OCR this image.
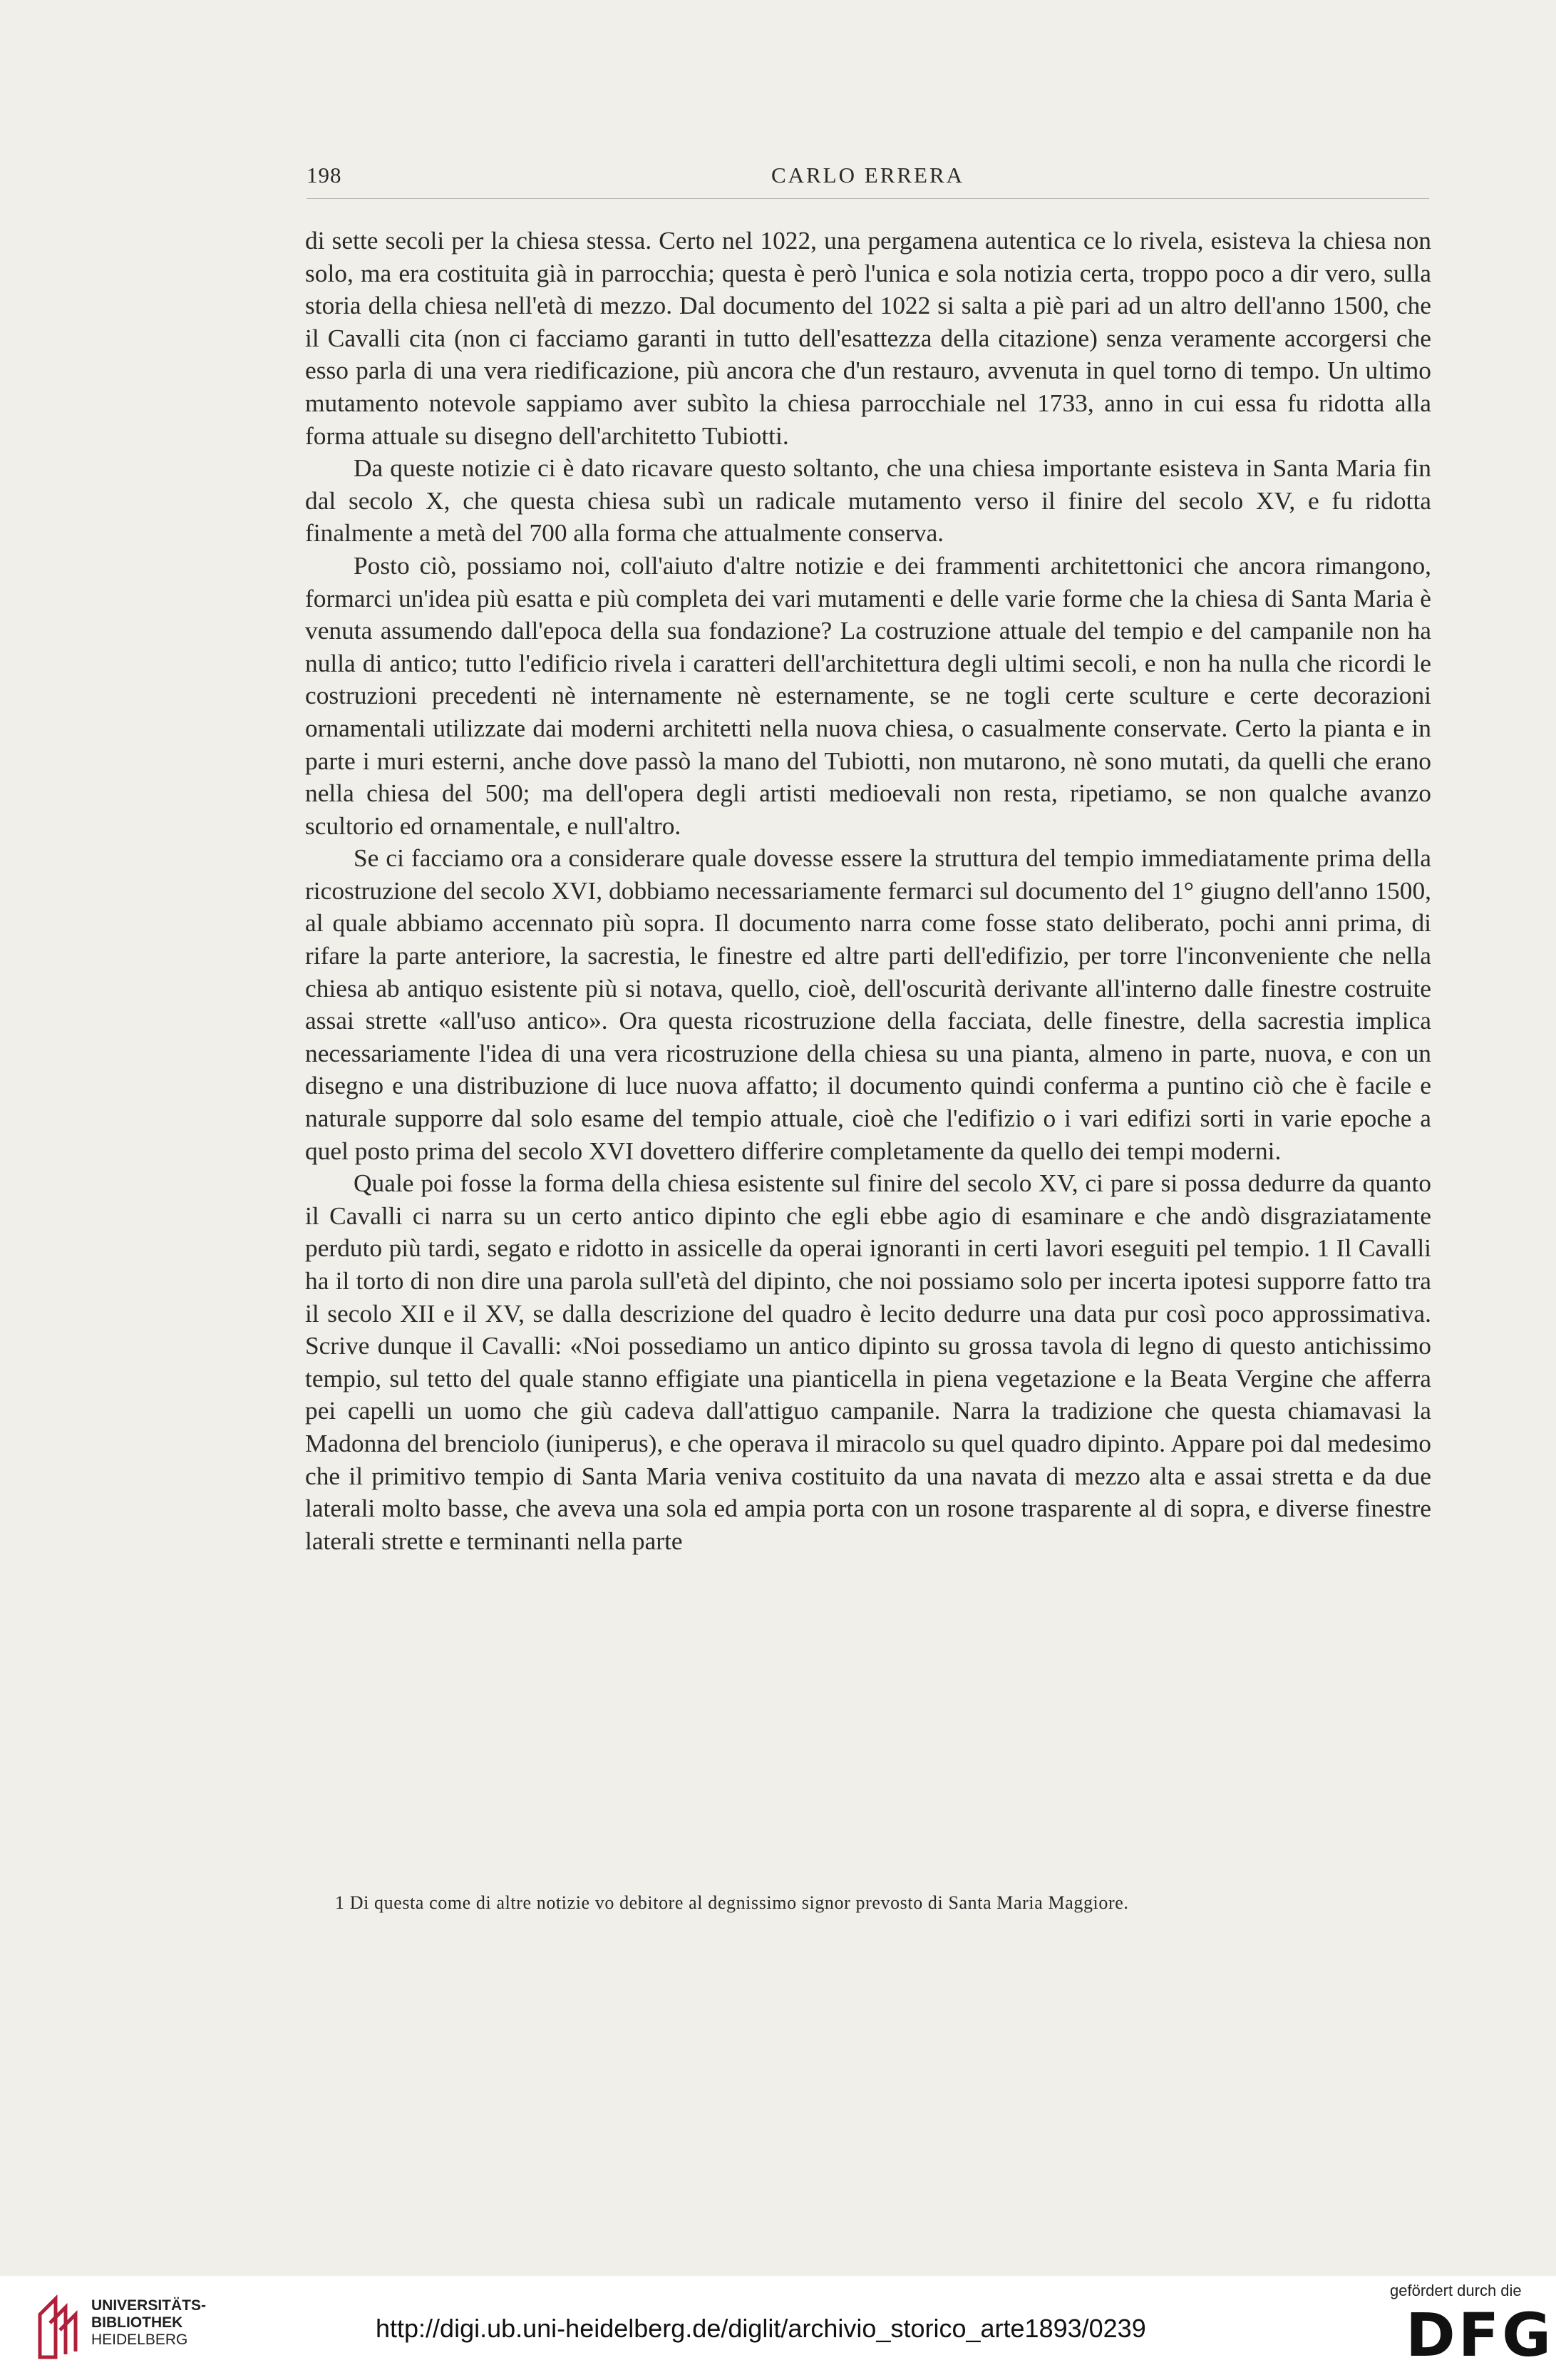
198	CARLO ERRERA

di sette secoli per la chiesa stessa. Certo nel 1022, una pergamena autentica ce lo rivela, esisteva la chiesa non solo, ma era costituita già in parrocchia; questa è però l'unica e sola notizia certa, troppo poco a dir vero, sulla storia della chiesa nell'età di mezzo. Dal documento del 1022 si salta a piè pari ad un altro dell'anno 1500, che il Cavalli cita (non ci facciamo garanti in tutto dell'esattezza della citazione) senza veramente accorgersi che esso parla di una vera riedificazione, più ancora che d'un restauro, avvenuta in quel torno di tempo. Un ultimo mutamento notevole sappiamo aver subìto la chiesa parrocchiale nel 1733, anno in cui essa fu ridotta alla forma attuale su disegno dell'architetto Tubiotti.

Da queste notizie ci è dato ricavare questo soltanto, che una chiesa importante esisteva in Santa Maria fin dal secolo X, che questa chiesa subì un radicale mutamento verso il finire del secolo XV, e fu ridotta finalmente a metà del 700 alla forma che attualmente conserva.

Posto ciò, possiamo noi, coll'aiuto d'altre notizie e dei frammenti architettonici che ancora rimangono, formarci un'idea più esatta e più completa dei vari mutamenti e delle varie forme che la chiesa di Santa Maria è venuta assumendo dall'epoca della sua fondazione? La costruzione attuale del tempio e del campanile non ha nulla di antico; tutto l'edificio rivela i caratteri dell'architettura degli ultimi secoli, e non ha nulla che ricordi le costruzioni precedenti nè internamente nè esternamente, se ne togli certe sculture e certe decorazioni ornamentali utilizzate dai moderni architetti nella nuova chiesa, o casualmente conservate. Certo la pianta e in parte i muri esterni, anche dove passò la mano del Tubiotti, non mutarono, nè sono mutati, da quelli che erano nella chiesa del 500; ma dell'opera degli artisti medioevali non resta, ripetiamo, se non qualche avanzo scultorio ed ornamentale, e null'altro.

Se ci facciamo ora a considerare quale dovesse essere la struttura del tempio immediatamente prima della ricostruzione del secolo XVI, dobbiamo necessariamente fermarci sul documento del 1° giugno dell'anno 1500, al quale abbiamo accennato più sopra. Il documento narra come fosse stato deliberato, pochi anni prima, di rifare la parte anteriore, la sacrestia, le finestre ed altre parti dell'edifizio, per torre l'inconveniente che nella chiesa ab antiquo esistente più si notava, quello, cioè, dell'oscurità derivante all'interno dalle finestre costruite assai strette «all'uso antico». Ora questa ricostruzione della facciata, delle finestre, della sacrestia implica necessariamente l'idea di una vera ricostruzione della chiesa su una pianta, almeno in parte, nuova, e con un disegno e una distribuzione di luce nuova affatto; il documento quindi conferma a puntino ciò che è facile e naturale supporre dal solo esame del tempio attuale, cioè che l'edifizio o i vari edifizi sorti in varie epoche a quel posto prima del secolo XVI dovettero differire completamente da quello dei tempi moderni.

Quale poi fosse la forma della chiesa esistente sul finire del secolo XV, ci pare si possa dedurre da quanto il Cavalli ci narra su un certo antico dipinto che egli ebbe agio di esaminare e che andò disgraziatamente perduto più tardi, segato e ridotto in assicelle da operai ignoranti in certi lavori eseguiti pel tempio. 1 Il Cavalli ha il torto di non dire una parola sull'età del dipinto, che noi possiamo solo per incerta ipotesi supporre fatto tra il secolo XII e il XV, se dalla descrizione del quadro è lecito dedurre una data pur così poco approssimativa. Scrive dunque il Cavalli: «Noi possediamo un antico dipinto su grossa tavola di legno di questo antichissimo tempio, sul tetto del quale stanno effigiate una pianticella in piena vegetazione e la Beata Vergine che afferra pei capelli un uomo che giù cadeva dall'attiguo campanile. Narra la tradizione che questa chiamavasi la Madonna del brenciolo (iuniperus), e che operava il miracolo su quel quadro dipinto. Appare poi dal medesimo che il primitivo tempio di Santa Maria veniva costituito da una navata di mezzo alta e assai stretta e da due laterali molto basse, che aveva una sola ed ampia porta con un rosone trasparente al di sopra, e diverse finestre laterali strette e terminanti nella parte

1 Di questa come di altre notizie vo debitore al degnissimo signor prevosto di Santa Maria Maggiore.
UNIVERSITÄTS-
BIBLIOTHEK
HEIDELBERG	http://digi.ub.uni-heidelberg.de/diglit/archivio_storico_arte1893/0239
gefördert durch die
DFG
